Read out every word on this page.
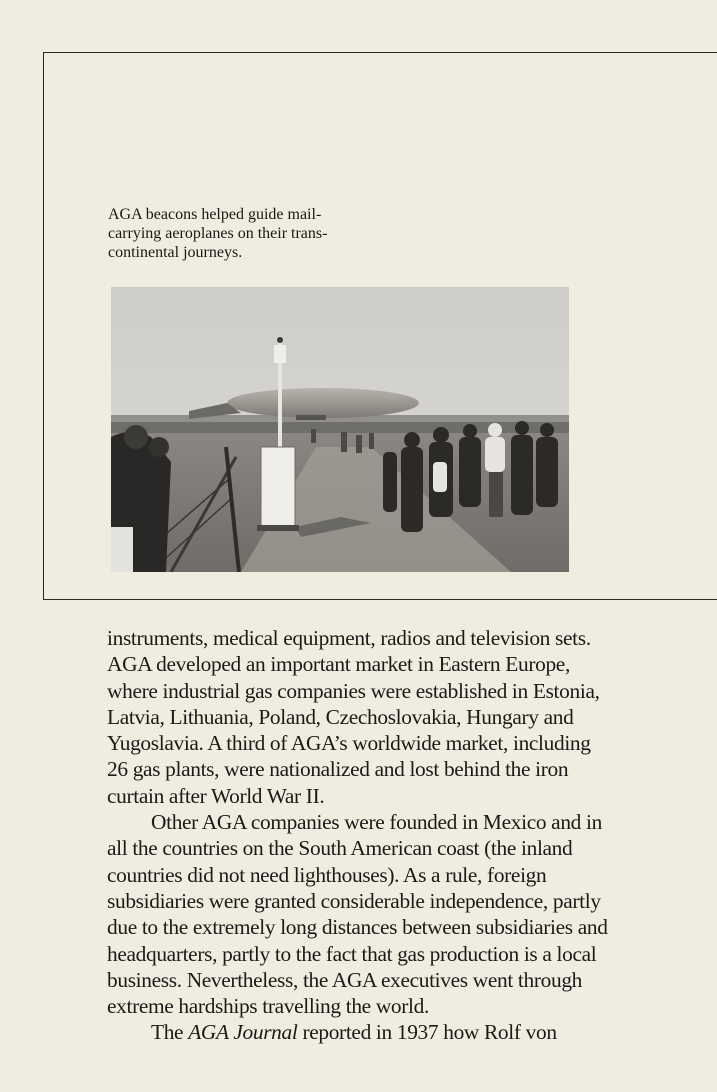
AGA beacons helped guide mail-
carrying aeroplanes on their trans-
continental journeys.

instruments, medical equipment, radios and television sets.
AGA developed an important market in Eastern Europe,
where industrial gas companies were established in Estonia,
Latvia, Lithuania, Poland, Czechoslovakia, Hungary and
Yugoslavia. A third of AGA’s worldwide market, including
26 gas plants, were nationalized and lost behind the iron
curtain after World War II.

Other AGA companies were founded in Mexico and in
all the countries on the South American coast (the inland
countries did not need lighthouses). As a rule, foreign
subsidiaries were granted considerable independence, partly
due to the extremely long distances between subsidiaries and
headquarters, partly to the fact that gas production is a local
business. Nevertheless, the AGA executives went through
extreme hardships travelling the world.

The AGA Journal reported in 1937 how Rolf von
